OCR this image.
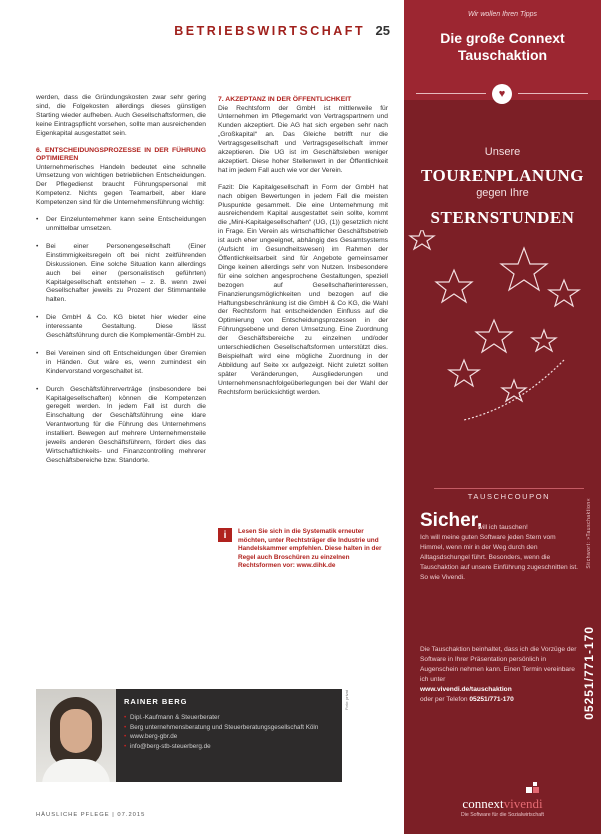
BETRIEBSWIRTSCHAFT 25

werden, dass die Gründungskosten zwar sehr gering sind, die Folgekosten allerdings dieses günstigen Starting wieder aufheben. Auch Gesellschaftsformen, die keine Eintragspflicht vorsehen, sollte man ausreichenden Eigenkapital ausgestattet sein.

6. ENTSCHEIDUNGSPROZESSE IN DER FÜHRUNG OPTIMIEREN

Unternehmerisches Handeln bedeutet eine schnelle Umsetzung von wichtigen betrieblichen Entscheidungen. Der Pflegedienst braucht Führungspersonal mit Kompetenz. Nichts gegen Teamarbeit, aber klare Kompetenzen sind für die Unternehmensführung wichtig:

• Der Einzelunternehmer kann seine Entscheidungen unmittelbar umsetzen.
• Bei einer Personengesellschaft (Einer Einstimmigkeitsregeln oft bei nicht zeitführenden Diskussionen. Eine solche Situation kann allerdings auch bei einer (personalistisch geführten) Kapitalgesellschaft entstehen – z. B. wenn zwei Gesellschafter jeweils zu Prozent der Stimmanteile halten.
• Die GmbH & Co. KG bietet hier wieder eine interessante Gestaltung. Diese lässt Geschäftsführung durch die Komplementär-GmbH zu.
• Bei Vereinen sind oft Entscheidungen über Gremien in Händen. Gut wäre es, wenn zumindest ein Kindervorstand vorgeschaltet ist.
• Durch Geschäftsführerverträge (insbesondere bei Kapitalgesellschaften) können die Kompetenzen geregelt werden. In jedem Fall ist durch die Einschaltung der Geschäftsführung eine klare Verantwortung für die Führung des Unternehmens installiert. Bewegen auf mehrere Unternehmensteile jeweils anderen Geschäftsführern, fördert dies das Wirtschaftlichkeits- und Finanzcontrolling mehrerer Geschäftsbereiche bzw. Standorte.
7. AKZEPTANZ IN DER ÖFFENTLICHKEIT

Die Rechtsform der GmbH ist mittlerweile für Unternehmen im Pflegemarkt von Vertragspartnern und Kunden akzeptiert. Die AG hat sich ergeben sehr nach „Großkapital“ an. Das Gleiche betrifft nur die Vertragsgesellschaft und Vertragsgesellschaft immer akzeptieren. Die UG ist im Geschäftsleben weniger akzeptiert. Diese hoher Stellenwert in der Öffentlichkeit hat im jedem Fall auch wie vor der Verein.

Fazit: Die Kapitalgesellschaft in Form der GmbH hat nach obigen Bewertungen in jedem Fall die meisten Pluspunkte gesammelt. Die eine Unternehmung mit ausreichendem Kapital ausgestattet sein sollte, kommt die „Mini-Kapitalgesellschaften“ (UG, (1)) gesetzlich nicht in Frage. Ein Verein als wirtschaftlicher Geschäftsbetrieb ist auch eher ungeeignet, abhängig des Gesamtsystems (Aufsicht im Gesundheitswesen) im Rahmen der Öffentlichkeitsarbeit sind für Angebote gemeinsamer Dinge keinen allerdings sehr von Nutzen. Insbesondere für eine solchen angesprochene Gestaltungen, speziell bezogen auf Gesellschafterinteressen, Finanzierungsmöglichkeiten und bezogen auf die Haftungsbeschränkung ist die GmbH & Co KG, die Wahl der Rechtsform hat entscheidenden Einfluss auf die Optimierung von Entscheidungsprozessen in der Führungsebene und deren Umsetzung. Eine Zuordnung der Geschäftsbereiche zu einzelnen und/oder unterschiedlichen Gesellschaftsformen unterstützt dies. Beispielhaft wird eine mögliche Zuordnung in der Abbildung auf Seite xx aufgezeigt. Nicht zuletzt sollten später Veränderungen, Ausgliederungen und Unternehmensnachfolgeüberlegungen bei der Wahl der Rechtsform berücksichtigt werden.

i	Lesen Sie sich in die Systematik erneuter möchten, unter Rechtsträger die Industrie und Handelskammer empfehlen. Diese halten in der Regel auch Broschüren zu einzelnen Rechtsformen vor: www.dihk.de
RAINER BERG
• Dipl.-Kaufmann & Steuerberater
• Berg unternehmensberatung und Steuerberatungsgesellschaft Köln
• www.berg-gbr.de
• info@berg-stb-steuerberg.de
Foto: privat
HÄUSLICHE PFLEGE | 07.2015
Wir wollen Ihren Tipps
Die große Connext
Tauschaktion
♥
Unsere
TOURENPLANUNG
gegen Ihre
STERNSTUNDEN
TAUSCHCOUPON
Sicher,
will ich tauschen!
Ich will meine guten Software jeden Stern vom Himmel, wenn mir in der Weg durch den Alltagsdschungel führt. Besonders, wenn die Tauschaktion auf unsere Einführung zugeschnitten ist. So wie Vivendi.
Die Tauschaktion beinhaltet, dass ich die Vorzüge der Software in Ihrer Präsentation persönlich in Augenschein nehmen kann. Einen Termin vereinbare ich unter
www.vivendi.de/tauschaktion
oder per Telefon 05251/771-170
Stichwort: »Tauschaktion«
05251/771-170
connextvivendi
Die Software für die Sozialwirtschaft
